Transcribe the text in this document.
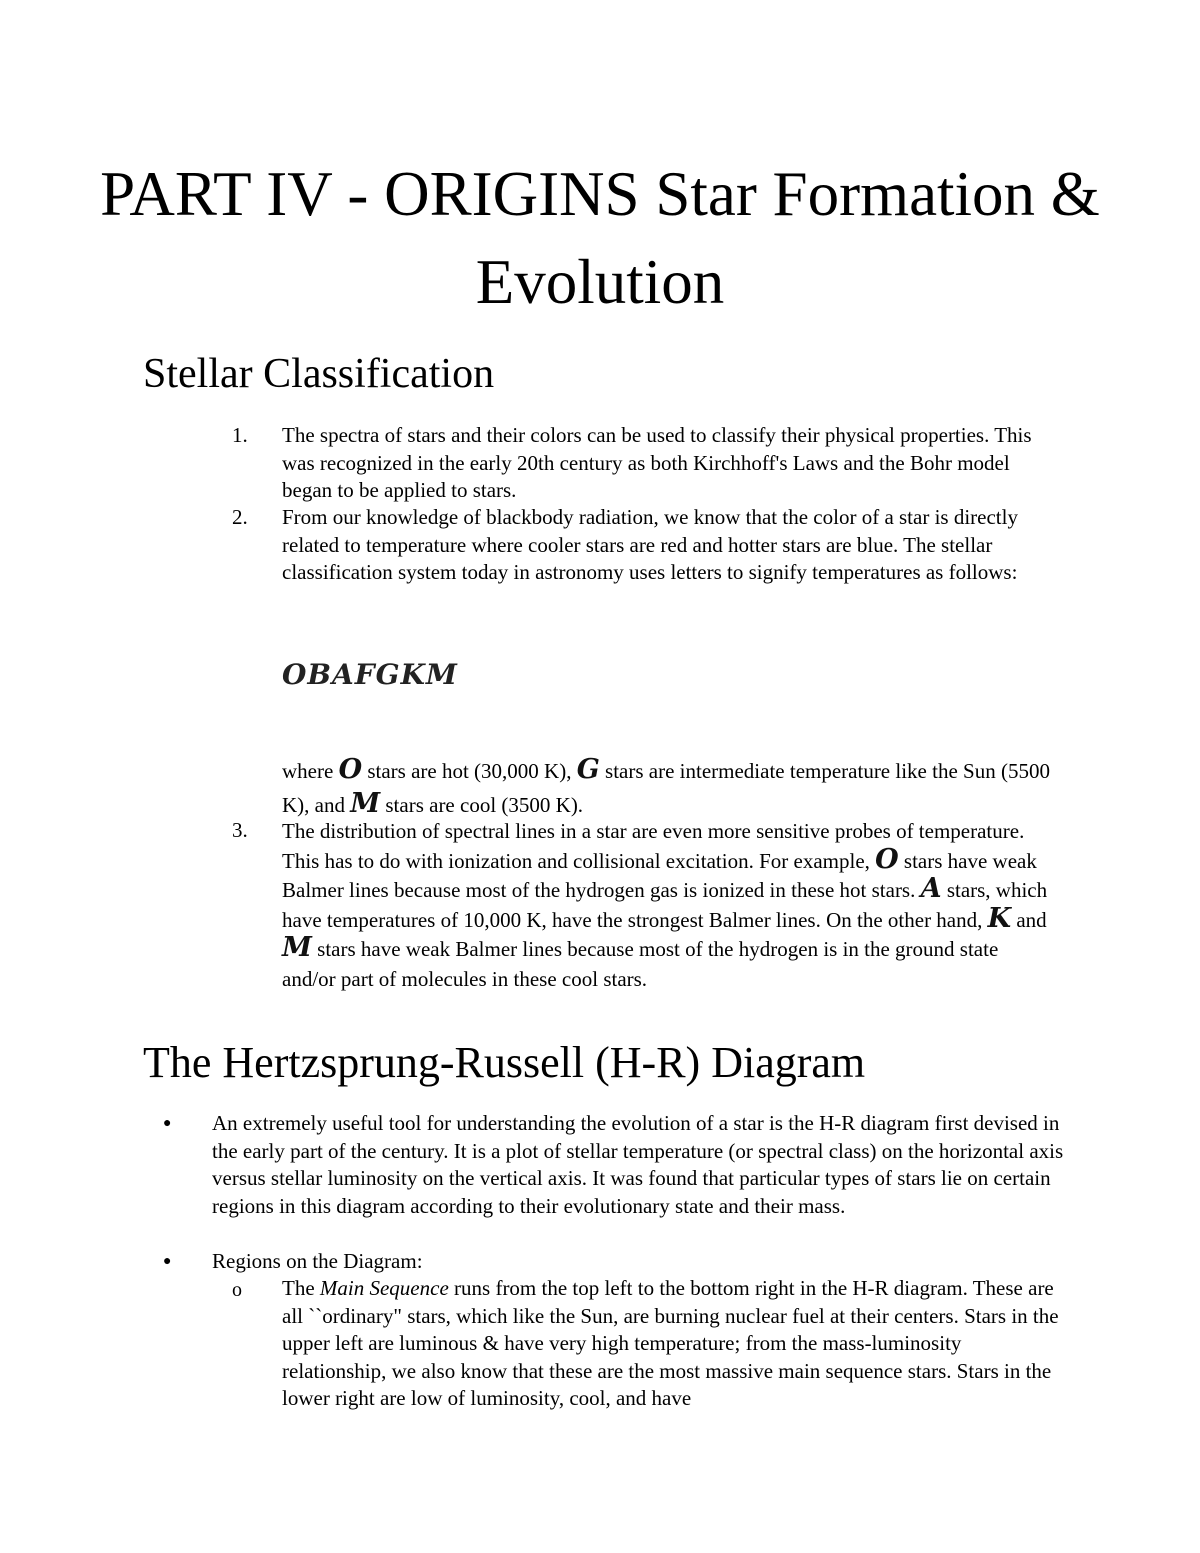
PART IV - ORIGINS Star Formation & Evolution
Stellar Classification
1. The spectra of stars and their colors can be used to classify their physical properties. This was recognized in the early 20th century as both Kirchhoff's Laws and the Bohr model began to be applied to stars.
2. From our knowledge of blackbody radiation, we know that the color of a star is directly related to temperature where cooler stars are red and hotter stars are blue. The stellar classification system today in astronomy uses letters to signify temperatures as follows:
OBAFGKM
where O stars are hot (30,000 K), G stars are intermediate temperature like the Sun (5500 K), and M stars are cool (3500 K).
3. The distribution of spectral lines in a star are even more sensitive probes of temperature. This has to do with ionization and collisional excitation. For example, O stars have weak Balmer lines because most of the hydrogen gas is ionized in these hot stars. A stars, which have temperatures of 10,000 K, have the strongest Balmer lines. On the other hand, K and M stars have weak Balmer lines because most of the hydrogen is in the ground state and/or part of molecules in these cool stars.
The Hertzsprung-Russell (H-R) Diagram
● An extremely useful tool for understanding the evolution of a star is the H-R diagram first devised in the early part of the century. It is a plot of stellar temperature (or spectral class) on the horizontal axis versus stellar luminosity on the vertical axis. It was found that particular types of stars lie on certain regions in this diagram according to their evolutionary state and their mass.
● Regions on the Diagram:
o The Main Sequence runs from the top left to the bottom right in the H-R diagram. These are all ``ordinary" stars, which like the Sun, are burning nuclear fuel at their centers. Stars in the upper left are luminous & have very high temperature; from the mass-luminosity relationship, we also know that these are the most massive main sequence stars. Stars in the lower right are low of luminosity, cool, and have
